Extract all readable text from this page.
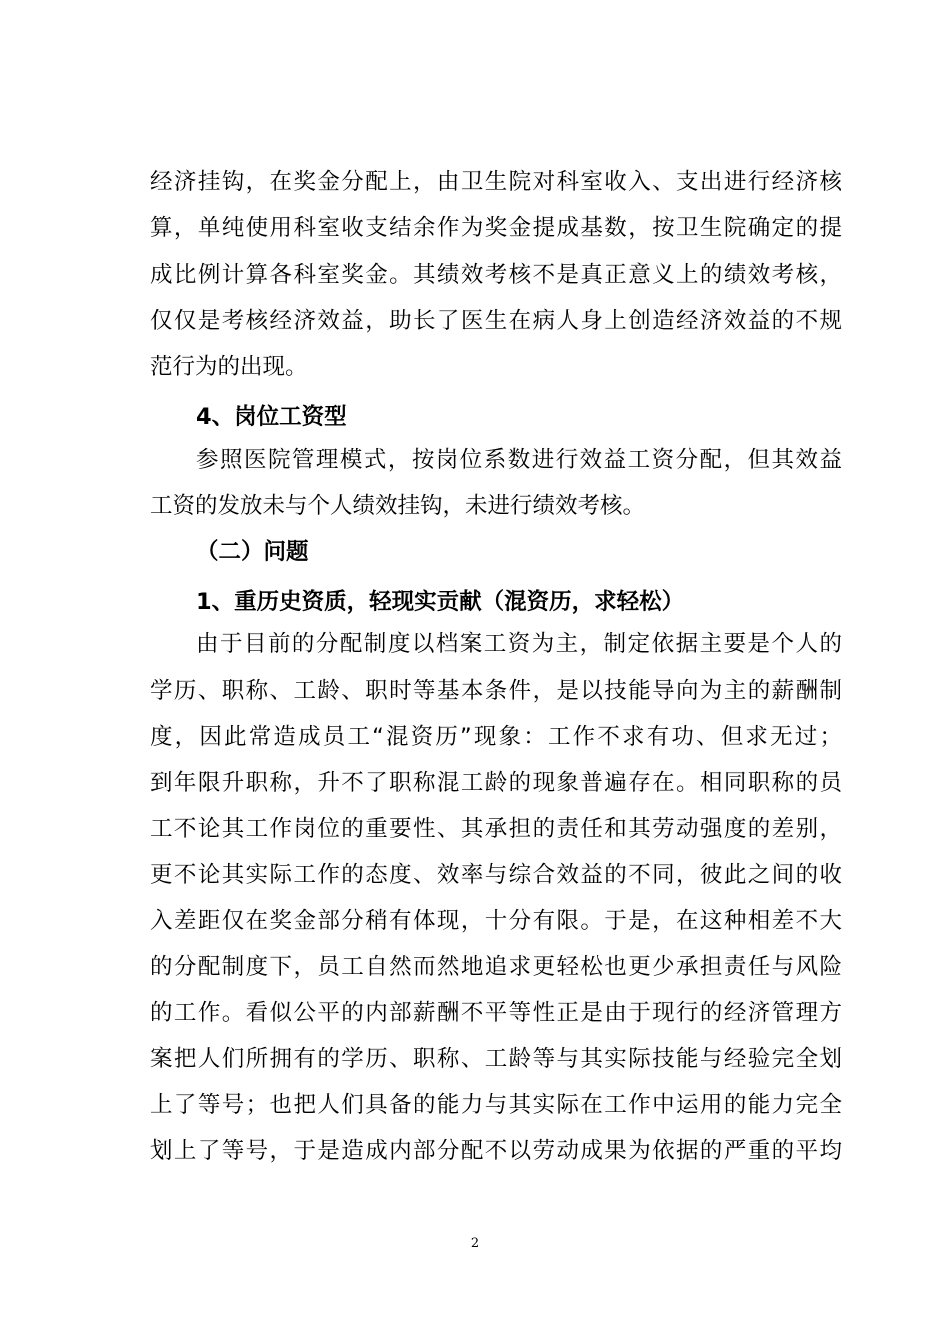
经济挂钩，在奖金分配上，由卫生院对科室收入、支出进行经济核
算，单纯使用科室收支结余作为奖金提成基数，按卫生院确定的提
成比例计算各科室奖金。其绩效考核不是真正意义上的绩效考核，
仅仅是考核经济效益，助长了医生在病人身上创造经济效益的不规
范行为的出现。
4、岗位工资型
参照医院管理模式，按岗位系数进行效益工资分配，但其效益
工资的发放未与个人绩效挂钩，未进行绩效考核。
（二）问题
1、重历史资质，轻现实贡献（混资历，求轻松）
由于目前的分配制度以档案工资为主，制定依据主要是个人的
学历、职称、工龄、职时等基本条件，是以技能导向为主的薪酬制
度，因此常造成员工“混资历”现象：工作不求有功、但求无过；
到年限升职称，升不了职称混工龄的现象普遍存在。相同职称的员
工不论其工作岗位的重要性、其承担的责任和其劳动强度的差别，
更不论其实际工作的态度、效率与综合效益的不同，彼此之间的收
入差距仅在奖金部分稍有体现，十分有限。于是，在这种相差不大
的分配制度下，员工自然而然地追求更轻松也更少承担责任与风险
的工作。看似公平的内部薪酬不平等性正是由于现行的经济管理方
案把人们所拥有的学历、职称、工龄等与其实际技能与经验完全划
上了等号；也把人们具备的能力与其实际在工作中运用的能力完全
划上了等号，于是造成内部分配不以劳动成果为依据的严重的平均
2
